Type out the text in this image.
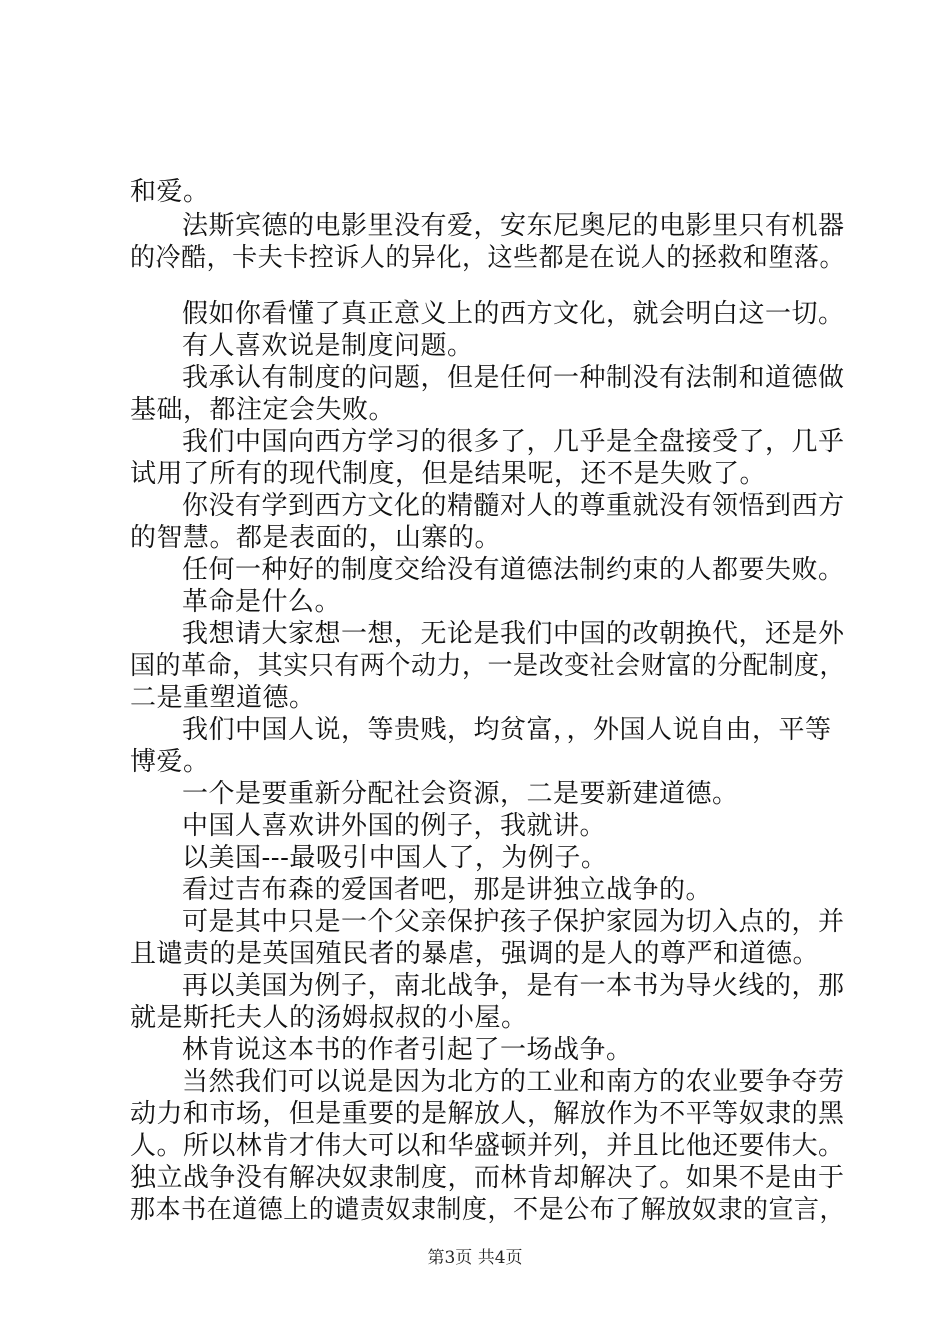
和爱。
法斯宾德的电影里没有爱，安东尼奥尼的电影里只有机器
的冷酷，卡夫卡控诉人的异化，这些都是在说人的拯救和堕落。
假如你看懂了真正意义上的西方文化，就会明白这一切。
有人喜欢说是制度问题。
我承认有制度的问题，但是任何一种制没有法制和道德做
基础，都注定会失败。
我们中国向西方学习的很多了，几乎是全盘接受了，几乎
试用了所有的现代制度，但是结果呢，还不是失败了。
你没有学到西方文化的精髓对人的尊重就没有领悟到西方
的智慧。都是表面的，山寨的。
任何一种好的制度交给没有道德法制约束的人都要失败。
革命是什么。
我想请大家想一想，无论是我们中国的改朝换代，还是外
国的革命，其实只有两个动力，一是改变社会财富的分配制度，
二是重塑道德。
我们中国人说，等贵贱，均贫富，，外国人说自由，平等
博爱。
一个是要重新分配社会资源，二是要新建道德。
中国人喜欢讲外国的例子，我就讲。
以美国---最吸引中国人了，为例子。
看过吉布森的爱国者吧，那是讲独立战争的。
可是其中只是一个父亲保护孩子保护家园为切入点的，并
且谴责的是英国殖民者的暴虐，强调的是人的尊严和道德。
再以美国为例子，南北战争，是有一本书为导火线的，那
就是斯托夫人的汤姆叔叔的小屋。
林肯说这本书的作者引起了一场战争。
当然我们可以说是因为北方的工业和南方的农业要争夺劳
动力和市场，但是重要的是解放人，解放作为不平等奴隶的黑
人。所以林肯才伟大可以和华盛顿并列，并且比他还要伟大。
独立战争没有解决奴隶制度，而林肯却解决了。如果不是由于
那本书在道德上的谴责奴隶制度，不是公布了解放奴隶的宣言，
第3页 共4页
